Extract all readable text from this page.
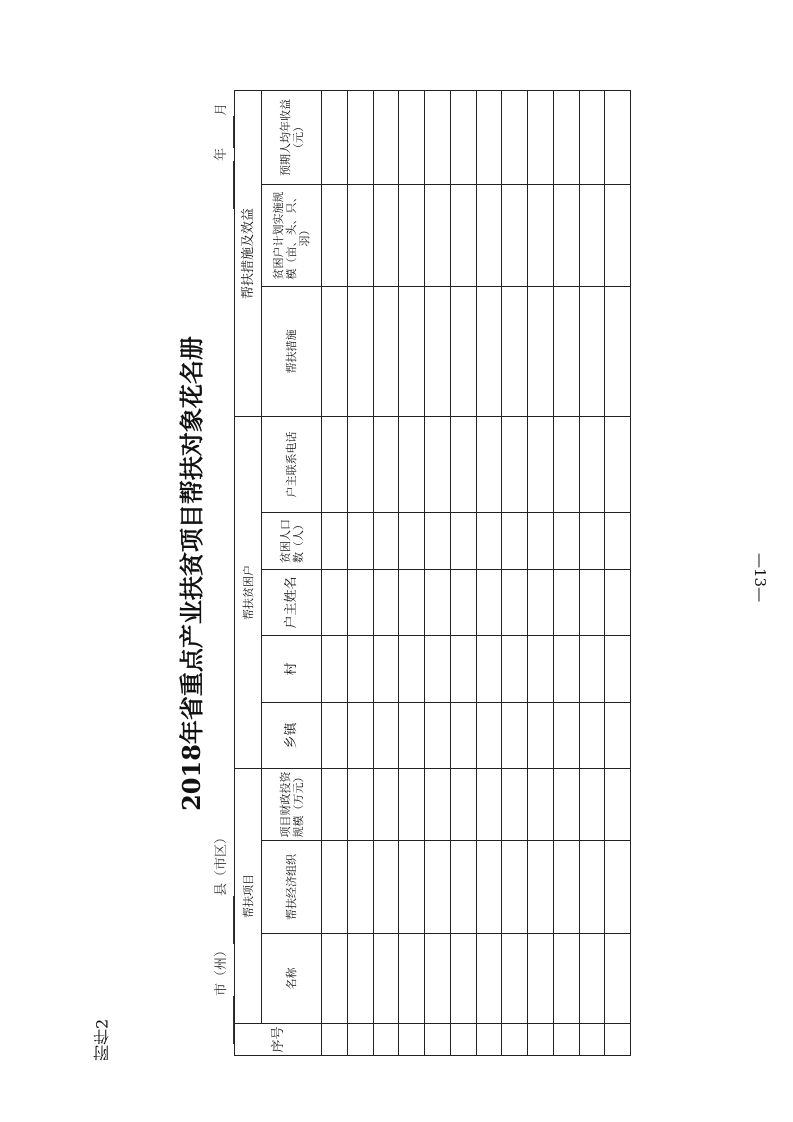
附件2
2018年省重点产业扶贫项目帮扶对象花名册
市（州）县（市区）
年月
序号	帮扶项目			帮扶贫困户					帮扶措施及效益		
	名称	帮扶经济组织	项目财政投资规模（万元）	乡镇	村	户主姓名	贫困人口数（人）	户主联系电话	帮扶措施	贫困户计划实施规模（亩、头、只、羽）	预期人均年收益（元）

—13—
